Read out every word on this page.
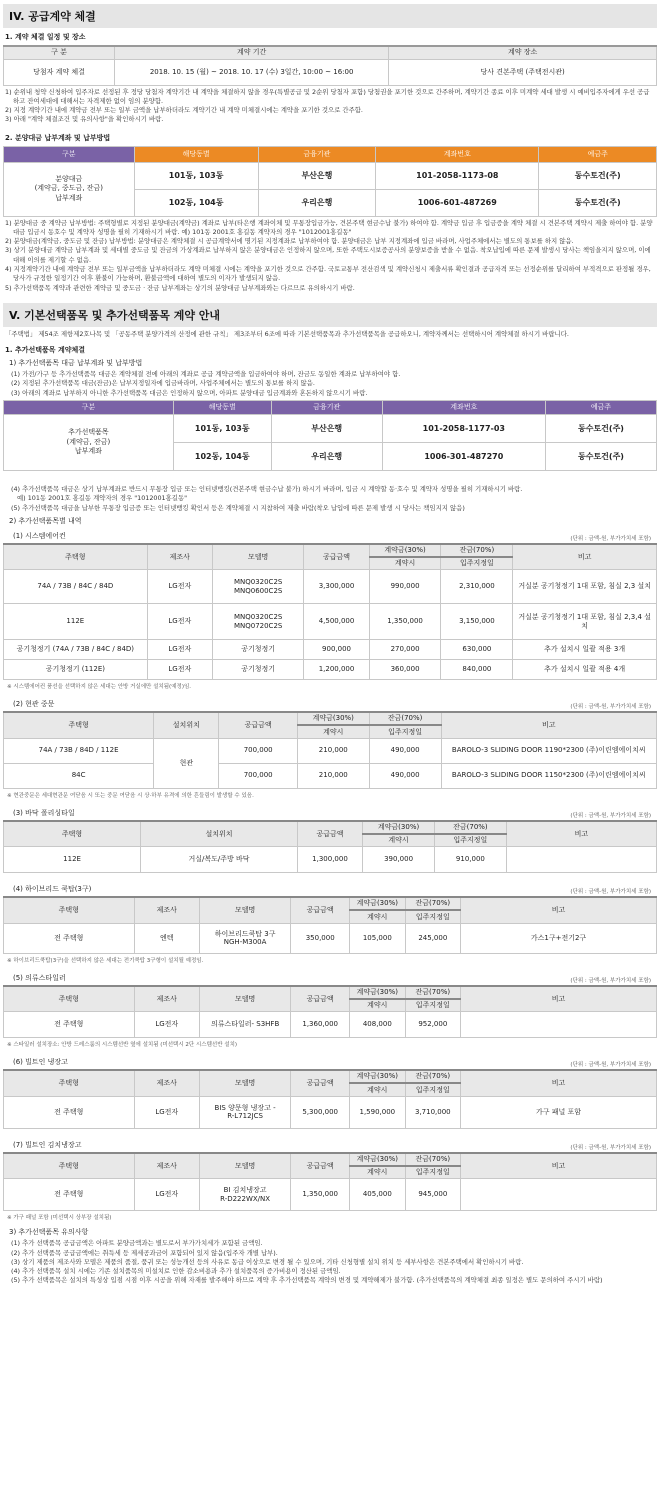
IV. 공급계약 체결
1. 계약 체결 일정 및 장소
구 분	계약 기간	계약 장소
당첨자 계약 체결	2018. 10. 15 (월) ~ 2018. 10. 17 (수) 3일간, 10:00 ~ 16:00	당사 견본주택 (주택전시관)

1) 순위내 청약 신청하여 입주자로 선정된 후 정당 당첨자 계약기간 내 계약을 체결하지 않을 경우(특별공급 및 2순위 당첨자 포함) 당첨권을 포기한 것으로 간주하며, 계약기간 종료 이후 미계약 세대 발생 시 예비입주자에게 우선 공급하고 잔여세대에 대해서는 자격제한 없이 임의 분양함.

2) 지정 계약기간 내에 계약금 전부 또는 일부 금액을 납부하더라도 계약기간 내 계약 미체결시에는 계약을 포기한 것으로 간주함.

3) 아래 "계약 체결조건 및 유의사항"을 확인하시기 바람.

2. 분양대금 납부계좌 및 납부방법
구분	해당동별	금융기관	계좌번호	예금주
분양대금
(계약금, 중도금, 잔금)
납부계좌	101동, 103동	부산은행	101-2058-1173-08	동수토건(주)
	102동, 104동	우리은행	1006-601-487269	동수토건(주)

1) 분양대금 중 계약금 납부방법: 주택형별로 지정된 분양대금(계약금) 계좌로 납부(타은행 계좌이체 및 무통장입금가능, 견본주택 현금수납 불가) 하여야 함. 계약금 입금 후 입금증을 계약 체결 시 견본주택 계약시 제출 하여야 함. 분양대금 입금시 동호수 및 계약자 성명을 필히 기재하시기 바람. 예) 101동 2001호 홍길동 계약자의 경우 "1012001홍길동"

2) 분양대금(계약금, 중도금 및 잔금) 납부방법: 분양대금은 계약체결 시 공급계약서에 명기된 지정계좌로 납부하여야 함. 분양대금은 납부 지정계좌에 입금 바라며, 사업주체에서는 별도의 통보를 하지 않음.

3) 상기 분양대금 계약금 납부계좌 및 세대별 중도금 및 잔금의 가상계좌로 납부하지 않은 분양대금은 인정하지 않으며, 또한 주택도시보증공사의 분양보증을 받을 수 없음. 착오납입에 따른 문제 발생시 당사는 책임을지지 않으며, 이에 대해 이의를 제기할 수 없음.

4) 지정계약기간 내에 계약금 전부 또는 일부금액을 납부하더라도 계약 미체결 시에는 계약을 포기한 것으로 간주함. 국토교통부 전산검색 및 계약신청시 제출서류 확인결과 공급자격 또는 선정순위를 달리하여 부적격으로 판정될 경우, 당사가 규정한 일정기간 이후 환불이 가능하며, 환불금액에 대하여 별도의 이자가 발생되지 않음.

5) 추가선택품목 계약과 관련한 계약금 및 중도금 · 잔금 납부계좌는 상기의 분양대금 납부계좌와는 다르므로 유의하시기 바람.

V. 기본선택품목 및 추가선택품목 계약 안내
「주택법」 제54조 제항제2호나목 및 「공동주택 분양가격의 산정에 관한 규칙」 제3조부터 6조에 따라 기본선택품목과 추가선택품목을 공급하오니, 계약자께서는 선택하시어 계약체결 하시기 바랍니다.
1. 추가선택품목 계약체결
1) 추가선택품목 대금 납부계좌 및 납부방법

(1) 가전/가구 등 추가선택품목 대금은 계약체결 전에 아래의 계좌로 공급 계약금액을 입금하여야 하며, 잔금도 동일한 계좌로 납부하여야 함.

(2) 지정된 추가선택품목 대금(잔금)은 납부지정일자에 입금바라며, 사업주체에서는 별도의 통보를 하지 않음.

(3) 아래의 계좌로 납부하지 아니한 추가선택품목 대금은 인정하지 않으며, 아파트 분양대금 입금계좌와 혼돈하지 않으시기 바람.

구분	해당동별	금융기관	계좌번호	예금주
추가선택품목
(계약금, 잔금)
납부계좌	101동, 103동	부산은행	101-2058-1177-03	동수토건(주)
	102동, 104동	우리은행	1006-301-487270	동수토건(주)

(4) 추가선택품목 대금은 상기 납부계좌로 반드시 무통장 입금 또는 인터넷뱅킹(견본주택 현금수납 불가) 하시기 바라며, 입금 시 계약할 동·호수 및 계약자 성명을 필히 기재하시기 바람.

예) 101동 2001호 홍길동 계약자의 경우 "1012001홍길동"

(5) 추가선택품목 대금을 납부한 무통장 입금증 또는 인터넷뱅킹 확인서 등은 계약체결 시 지참하여 제출 바람(착오 납입에 따른 문제 발생 시 당사는 책임지지 않음)

2) 추가선택품목별 내역
(1) 시스템에어컨	(단위 : 금액-원, 부가가치세 포함)
주택형	제조사	모델명	공급금액	계약금(30%)	잔금(70%)	비고
				계약시	입주지정일	
74A / 73B / 84C / 84D	LG전자	MNQ0320C2S
MNQ0600C2S	3,300,000	990,000	2,310,000	거실분 공기청정기 1대 포함, 침실 2,3 설치
112E	LG전자	MNQ0320C2S
MNQ0720C2S	4,500,000	1,350,000	3,150,000	거실분 공기청정기 1대 포함, 침실 2,3,4 설치
공기청정기 (74A / 73B / 84C / 84D)	LG전자	공기청정기	900,000	270,000	630,000	추가 설치시 일괄 적용 3개
공기청정기 (112E)	LG전자	공기청정기	1,200,000	360,000	840,000	추가 설치시 일괄 적용 4개
※ 시스템에어컨 품선을 선택하지 않은 세대는 안방 거실에만 설치됨(예정)임.
(2) 현관 중문	(단위 : 금액-원, 부가가치세 포함)
주택형	설치위치	공급금액	계약금(30%)	잔금(70%)	비고
			계약시	입주지정일	
74A / 73B / 84D / 112E	현관	700,000	210,000	490,000	BAROLO-3 SLIDING DOOR 1190*2300 (주)이린엠에이치씨
84C		700,000	210,000	490,000	BAROLO-3 SLIDING DOOR 1150*2300 (주)이린엠에이치씨
※ 현관중문은 세대현관문 여닫음 시 또는 중문 여닫음 시 상·하부 유격에 의한 흔들림이 발생할 수 있음.
(3) 바닥 폴리싱타일	(단위 : 금액-원, 부가가치세 포함)
주택형	설치위치	공급금액	계약금(30%)	잔금(70%)	비고
			계약시	입주지정일	
112E	거실/복도/주방 바닥	1,300,000	390,000	910,000	
(4) 하이브리드 쿡탑(3구)	(단위 : 금액-원, 부가가치세 포함)
주택형	제조사	모델명	공급금액	계약금(30%)	잔금(70%)	비고
				계약시	입주지정일	
전 주택형	엔텍	하이브리드쿡탑 3구
NGH-M300A	350,000	105,000	245,000	가스1구+전기2구
※ 하이브리드쿡탑(3구)을 선택하지 않은 세대는 전기쿡탑 3구형이 설치될 예정임.
(5) 의류스타일러	(단위 : 금액-원, 부가가치세 포함)
주택형	제조사	모델명	공급금액	계약금(30%)	잔금(70%)	비고
				계약시	입주지정일	
전 주택형	LG전자	의류스타일러- S3HFB	1,360,000	408,000	952,000	
※ 스타일러 설치장소: 안방 드레스룸의 시스템선반 옆에 설치됨 (미선택시 2단 시스템선반 설치)
(6) 빌트인 냉장고	(단위 : 금액-원, 부가가치세 포함)
주택형	제조사	모델명	공급금액	계약금(30%)	잔금(70%)	비고
				계약시	입주지정일	
전 주택형	LG전자	BIS 양문형 냉장고 -
R-L712JCS	5,300,000	1,590,000	3,710,000	가구 패널 포함
(7) 빌트인 김치냉장고	(단위 : 금액-원, 부가가치세 포함)
주택형	제조사	모델명	공급금액	계약금(30%)	잔금(70%)	비고
				계약시	입주지정일	
전 주택형	LG전자	BI 김치냉장고
R-D222WX/NX	1,350,000	405,000	945,000	
※ 가구 패널 포함 (미선택시 상부장 설치됨)
3) 추가선택품목 유의사항

(1) 추가 선택품목 공급금액은 아파트 분양금액과는 별도로서 부가가치세가 포함된 금액임.

(2) 추가 선택품목 공급금액에는 취득세 등 제세공과금이 포함되어 있지 않음(입주자 개별 납부).

(3) 상기 제품의 제조사와 모델은 제품의 품절, 품귀 또는 성능개선 등의 사유로 동급 이상으로 변경 될 수 있으며, 기타 신청형별 설치 위치 등 세부사항은 견본주택에서 확인하시기 바람.

(4) 추가 선택품목 설치 시에는 기존 설치품목의 미설치로 인한 감소비용과 추가 설치품목의 증가비용이 정산된 금액임.

(5) 추가 선택품목은 설치의 특성상 입점 시점 이후 시공을 위해 자재를 발주해야 하므로 계약 후 추가선택품목 계약의 변경 및 계약해제가 불가함. (추가선택품목의 계약체결 최종 일정은 별도 문의하여 주시기 바람)
